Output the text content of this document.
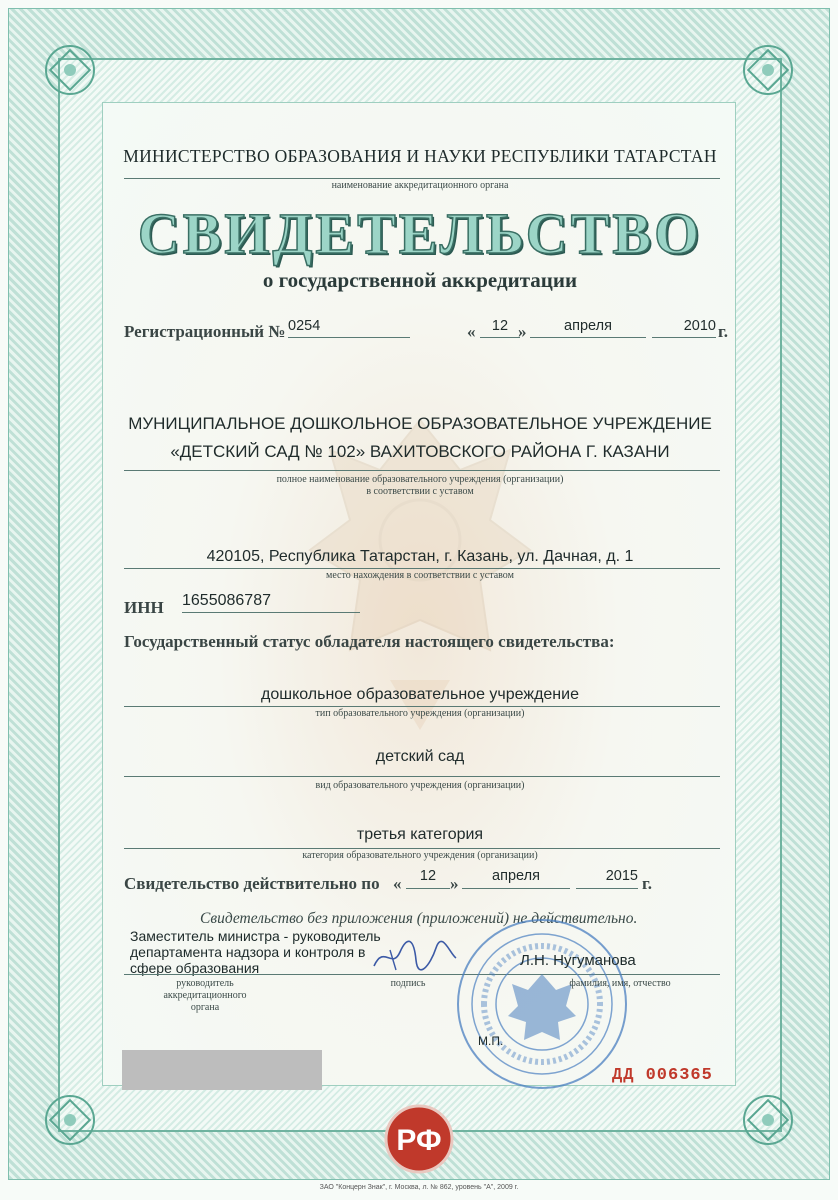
МИНИСТЕРСТВО ОБРАЗОВАНИЯ И НАУКИ РЕСПУБЛИКИ ТАТАРСТАН
наименование аккредитационного органа
СВИДЕТЕЛЬСТВО
о государственной аккредитации
Регистрационный № 0254	«	12 »	апреля	2010 г.
МУНИЦИПАЛЬНОЕ ДОШКОЛЬНОЕ ОБРАЗОВАТЕЛЬНОЕ УЧРЕЖДЕНИЕ
«ДЕТСКИЙ САД № 102» ВАХИТОВСКОГО РАЙОНА Г. КАЗАНИ
полное наименование образовательного учреждения (организации)
в соответствии с уставом
420105, Республика Татарстан, г. Казань, ул. Дачная, д. 1
место нахождения в соответствии с уставом
ИНН 1655086787
Государственный статус обладателя настоящего свидетельства:
дошкольное образовательное учреждение
тип образовательного учреждения (организации)
детский сад
вид образовательного учреждения (организации)
третья категория
категория образовательного учреждения (организации)
Свидетельство действительно по «	12 »	апреля	2015 г.
Свидетельство без приложения (приложений) не действительно.
Заместитель министра - руководитель
департамента надзора и контроля в
сфере образования
руководитель
аккредитационного
органа
подпись
Л.Н. Нугуманова
фамилия, имя, отчество
М.П.
ДД 006365
РФ
ЗАО "Концерн Знак", г. Москва, л. № 862, уровень "А", 2009 г.
